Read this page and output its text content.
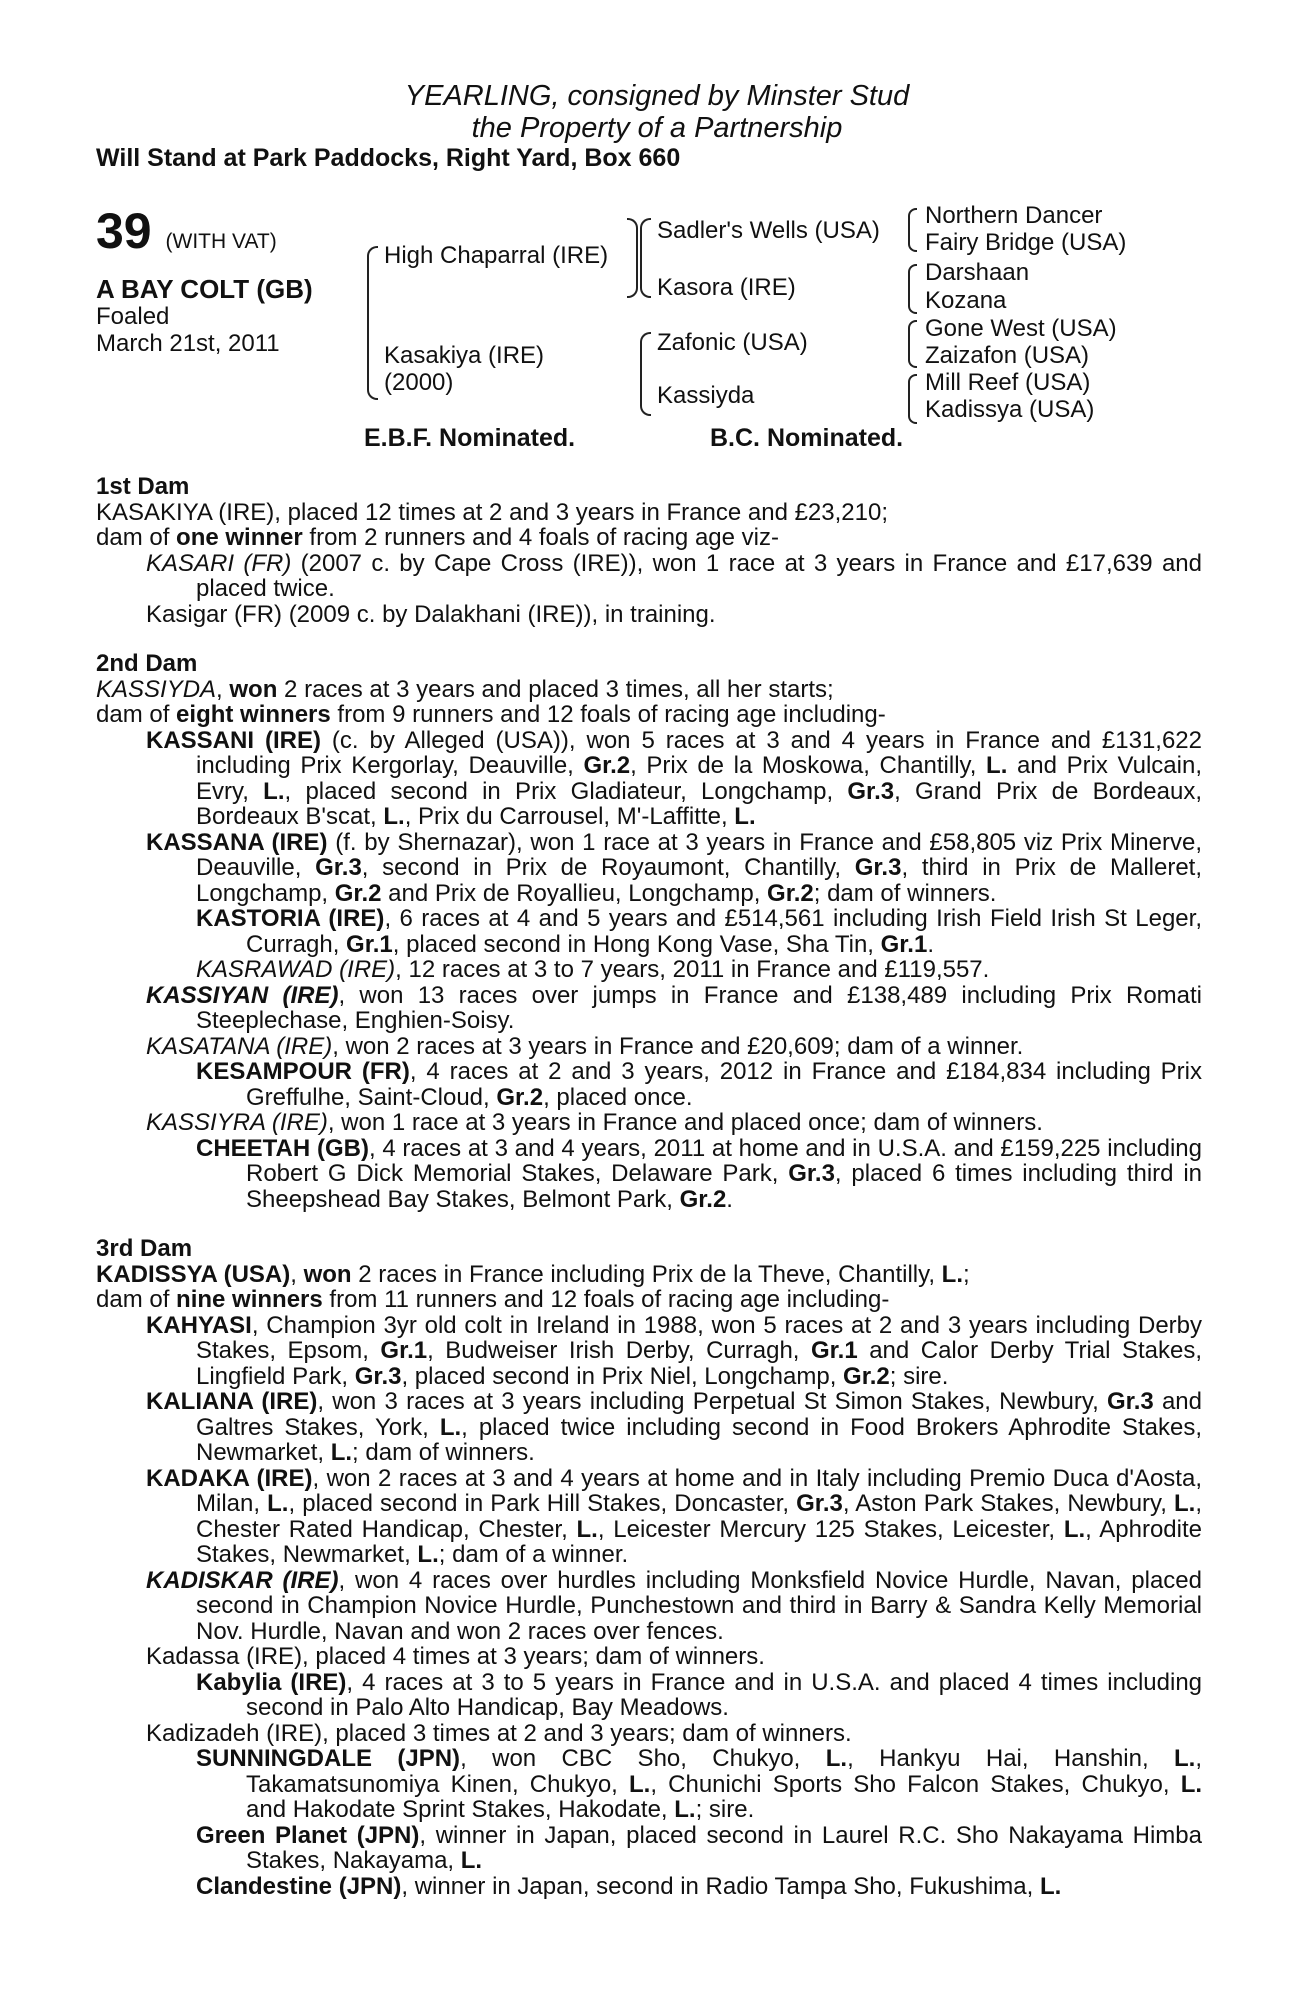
YEARLING, consigned by Minster Stud
the Property of a Partnership
Will Stand at Park Paddocks, Right Yard, Box 660
39 (WITH VAT)
A BAY COLT (GB)
Foaled
March 21st, 2011
High Chaparral (IRE)
Kasakiya (IRE)
(2000)
Sadler's Wells (USA)
Kasora (IRE)
Zafonic (USA)
Kassiyda
Northern Dancer
Fairy Bridge (USA)
Darshaan
Kozana
Gone West (USA)
Zaizafon (USA)
Mill Reef (USA)
Kadissya (USA)
E.B.F. Nominated.	B.C. Nominated.
1st Dam
KASAKIYA (IRE), placed 12 times at 2 and 3 years in France and £23,210;
dam of one winner from 2 runners and 4 foals of racing age viz-
KASARI (FR) (2007 c. by Cape Cross (IRE)), won 1 race at 3 years in France and £17,639 and placed twice.
Kasigar (FR) (2009 c. by Dalakhani (IRE)), in training.
2nd Dam
KASSIYDA, won 2 races at 3 years and placed 3 times, all her starts;
dam of eight winners from 9 runners and 12 foals of racing age including-
KASSANI (IRE) (c. by Alleged (USA)), won 5 races at 3 and 4 years in France and £131,622 including Prix Kergorlay, Deauville, Gr.2, Prix de la Moskowa, Chantilly, L. and Prix Vulcain, Evry, L., placed second in Prix Gladiateur, Longchamp, Gr.3, Grand Prix de Bordeaux, Bordeaux B'scat, L., Prix du Carrousel, M'-Laffitte, L.
KASSANA (IRE) (f. by Shernazar), won 1 race at 3 years in France and £58,805 viz Prix Minerve, Deauville, Gr.3, second in Prix de Royaumont, Chantilly, Gr.3, third in Prix de Malleret, Longchamp, Gr.2 and Prix de Royallieu, Longchamp, Gr.2; dam of winners.
KASTORIA (IRE), 6 races at 4 and 5 years and £514,561 including Irish Field Irish St Leger, Curragh, Gr.1, placed second in Hong Kong Vase, Sha Tin, Gr.1.
KASRAWAD (IRE), 12 races at 3 to 7 years, 2011 in France and £119,557.
KASSIYAN (IRE), won 13 races over jumps in France and £138,489 including Prix Romati Steeplechase, Enghien-Soisy.
KASATANA (IRE), won 2 races at 3 years in France and £20,609; dam of a winner.
KESAMPOUR (FR), 4 races at 2 and 3 years, 2012 in France and £184,834 including Prix Greffulhe, Saint-Cloud, Gr.2, placed once.
KASSIYRA (IRE), won 1 race at 3 years in France and placed once; dam of winners.
CHEETAH (GB), 4 races at 3 and 4 years, 2011 at home and in U.S.A. and £159,225 including Robert G Dick Memorial Stakes, Delaware Park, Gr.3, placed 6 times including third in Sheepshead Bay Stakes, Belmont Park, Gr.2.
3rd Dam
KADISSYA (USA), won 2 races in France including Prix de la Theve, Chantilly, L.;
dam of nine winners from 11 runners and 12 foals of racing age including-
KAHYASI, Champion 3yr old colt in Ireland in 1988, won 5 races at 2 and 3 years including Derby Stakes, Epsom, Gr.1, Budweiser Irish Derby, Curragh, Gr.1 and Calor Derby Trial Stakes, Lingfield Park, Gr.3, placed second in Prix Niel, Longchamp, Gr.2; sire.
KALIANA (IRE), won 3 races at 3 years including Perpetual St Simon Stakes, Newbury, Gr.3 and Galtres Stakes, York, L., placed twice including second in Food Brokers Aphrodite Stakes, Newmarket, L.; dam of winners.
KADAKA (IRE), won 2 races at 3 and 4 years at home and in Italy including Premio Duca d'Aosta, Milan, L., placed second in Park Hill Stakes, Doncaster, Gr.3, Aston Park Stakes, Newbury, L., Chester Rated Handicap, Chester, L., Leicester Mercury 125 Stakes, Leicester, L., Aphrodite Stakes, Newmarket, L.; dam of a winner.
KADISKAR (IRE), won 4 races over hurdles including Monksfield Novice Hurdle, Navan, placed second in Champion Novice Hurdle, Punchestown and third in Barry & Sandra Kelly Memorial Nov. Hurdle, Navan and won 2 races over fences.
Kadassa (IRE), placed 4 times at 3 years; dam of winners.
Kabylia (IRE), 4 races at 3 to 5 years in France and in U.S.A. and placed 4 times including second in Palo Alto Handicap, Bay Meadows.
Kadizadeh (IRE), placed 3 times at 2 and 3 years; dam of winners.
SUNNINGDALE (JPN), won CBC Sho, Chukyo, L., Hankyu Hai, Hanshin, L., Takamatsunomiya Kinen, Chukyo, L., Chunichi Sports Sho Falcon Stakes, Chukyo, L. and Hakodate Sprint Stakes, Hakodate, L.; sire.
Green Planet (JPN), winner in Japan, placed second in Laurel R.C. Sho Nakayama Himba Stakes, Nakayama, L.
Clandestine (JPN), winner in Japan, second in Radio Tampa Sho, Fukushima, L.
